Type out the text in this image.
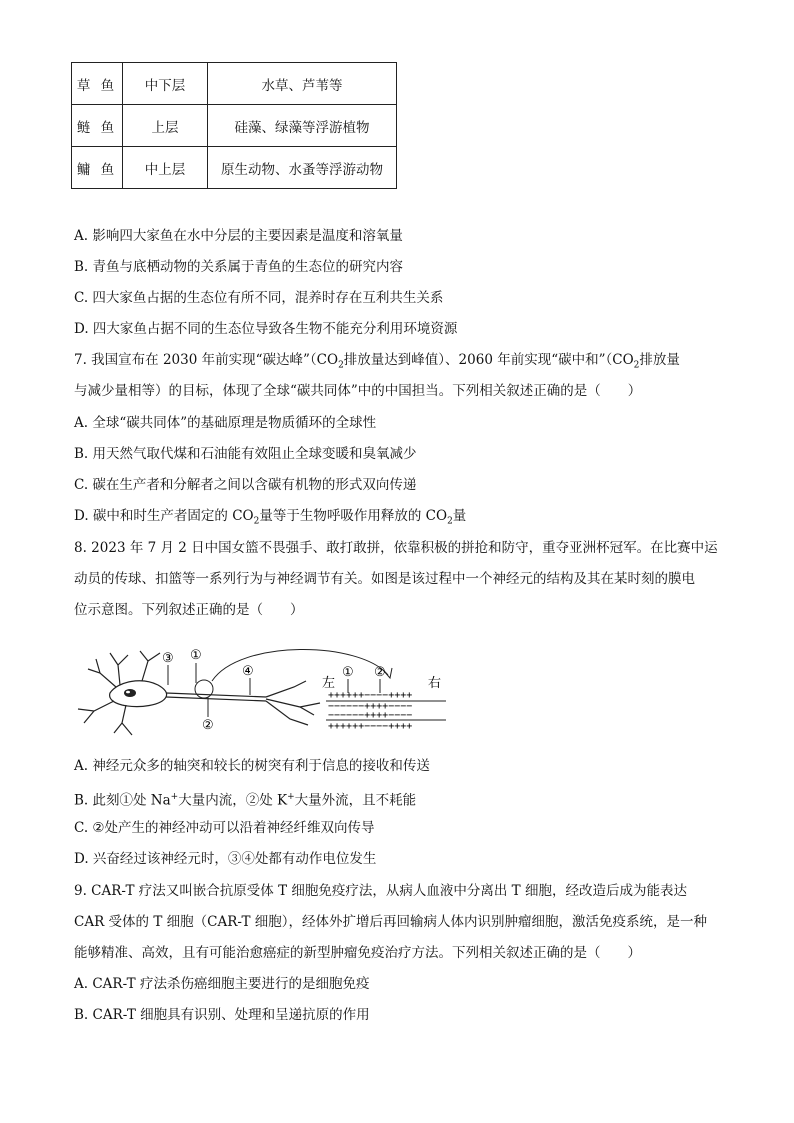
草 鱼	中下层	水草、芦苇等
鲢 鱼	上层	硅藻、绿藻等浮游植物
鳙 鱼	中上层	原生动物、水蚤等浮游动物
A. 影响四大家鱼在水中分层的主要因素是温度和溶氧量
B. 青鱼与底栖动物的关系属于青鱼的生态位的研究内容
C. 四大家鱼占据的生态位有所不同，混养时存在互利共生关系
D. 四大家鱼占据不同的生态位导致各生物不能充分利用环境资源
7. 我国宣布在 2030 年前实现“碳达峰$”(CO_2$排放量达到峰值）、2060 年前实现“碳中和$”(CO_2$排放量
与减少量相等）的目标，体现了全球“碳共同体”中的中国担当。下列相关叙述正确的是（　　）
A. 全球“碳共同体”的基础原理是物质循环的全球性
B. 用天然气取代煤和石油能有效阻止全球变暖和臭氧减少
C. 碳在生产者和分解者之间以含碳有机物的形式双向传递
D. 碳中和时生产者固定的 $CO_2$量等于生物呼吸作用释放的 $CO_2$量
8. 2023 年 7 月 2 日中国女篮不畏强手、敢打敢拼，依靠积极的拼抢和防守，重夺亚洲杯冠军。在比赛中运
动员的传球、扣篮等一系列行为与神经调节有关。如图是该过程中一个神经元的结构及其在某时刻的膜电
位示意图。下列叙述正确的是（　　）
③ ①
②
④
左	右
① ②
++++++−−−−++++
−−−−−−++++−−−−
−−−−−−++++−−−−
++++++−−−−++++
A. 神经元众多的轴突和较长的树突有利于信息的接收和传送
B. 此刻①处 Na+大量内流，②处 K+大量外流，且不耗能
C. ②处产生的神经冲动可以沿着神经纤维双向传导
D. 兴奋经过该神经元时，③④处都有动作电位发生
9. CAR-T 疗法又叫嵌合抗原受体 T 细胞免疫疗法，从病人血液中分离出 T 细胞，经改造后成为能表达
CAR 受体的 T 细胞（CAR-T 细胞），经体外扩增后再回输病人体内识别肿瘤细胞，激活免疫系统，是一种
能够精准、高效，且有可能治愈癌症的新型肿瘤免疫治疗方法。下列相关叙述正确的是（　　）
A. CAR-T 疗法杀伤癌细胞主要进行的是细胞免疫
B. CAR-T 细胞具有识别、处理和呈递抗原的作用
